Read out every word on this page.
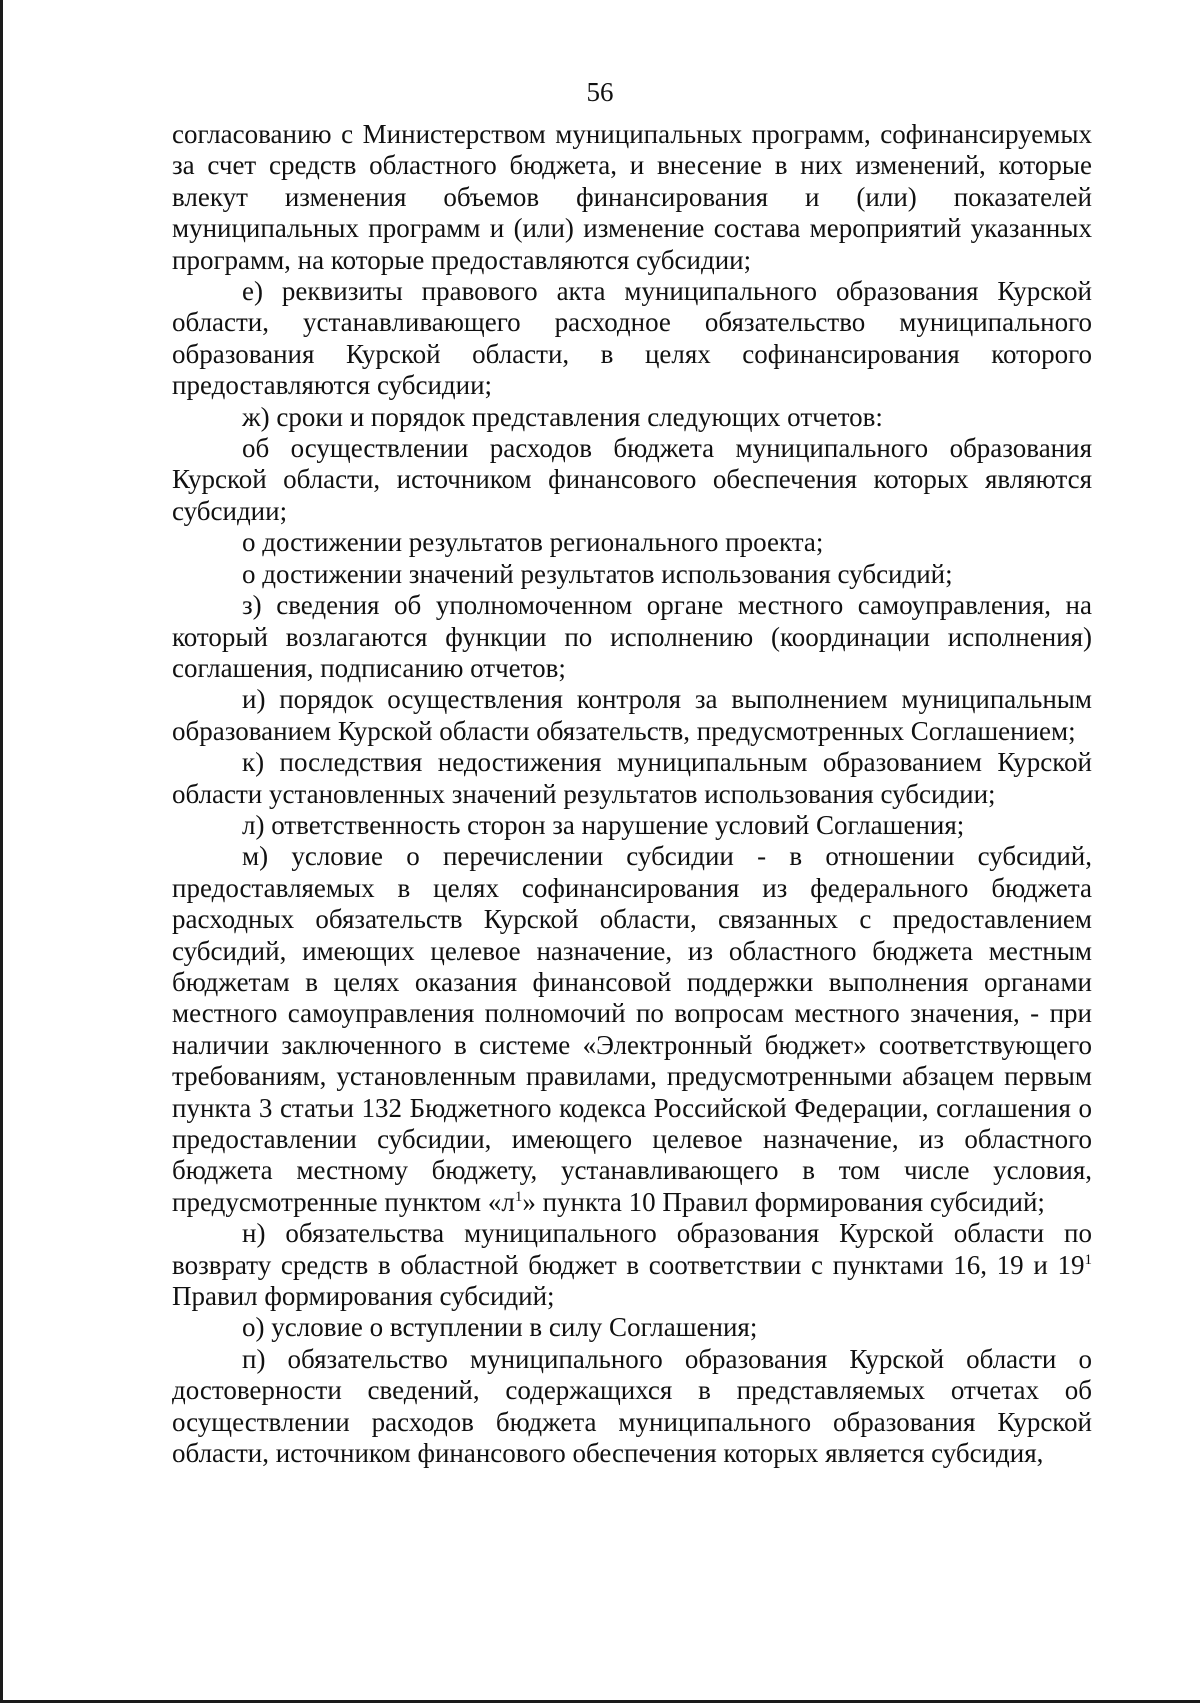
56

согласованию с Министерством муниципальных программ, софинансируемых за счет средств областного бюджета, и внесение в них изменений, которые влекут изменения объемов финансирования и (или) показателей муниципальных программ и (или) изменение состава мероприятий указанных программ, на которые предоставляются субсидии;

е) реквизиты правового акта муниципального образования Курской области, устанавливающего расходное обязательство муниципального образования Курской области, в целях софинансирования которого предоставляются субсидии;

ж) сроки и порядок представления следующих отчетов:

об осуществлении расходов бюджета муниципального образования Курской области, источником финансового обеспечения которых являются субсидии;

о достижении результатов регионального проекта;

о достижении значений результатов использования субсидий;

з) сведения об уполномоченном органе местного самоуправления, на который возлагаются функции по исполнению (координации исполнения) соглашения, подписанию отчетов;

и) порядок осуществления контроля за выполнением муниципальным образованием Курской области обязательств, предусмотренных Соглашением;

к) последствия недостижения муниципальным образованием Курской области установленных значений результатов использования субсидии;

л) ответственность сторон за нарушение условий Соглашения;

м) условие о перечислении субсидии - в отношении субсидий, предоставляемых в целях софинансирования из федерального бюджета расходных обязательств Курской области, связанных с предоставлением субсидий, имеющих целевое назначение, из областного бюджета местным бюджетам в целях оказания финансовой поддержки выполнения органами местного самоуправления полномочий по вопросам местного значения, - при наличии заключенного в системе «Электронный бюджет» соответствующего требованиям, установленным правилами, предусмотренными абзацем первым пункта 3 статьи 132 Бюджетного кодекса Российской Федерации, соглашения о предоставлении субсидии, имеющего целевое назначение, из областного бюджета местному бюджету, устанавливающего в том числе условия, предусмотренные пунктом «$л^1$» пункта 10 Правил формирования субсидий;

н) обязательства муниципального образования Курской области по возврату средств в областной бюджет в соответствии с пунктами 16, 19 и $19^1$ Правил формирования субсидий;

о) условие о вступлении в силу Соглашения;

п) обязательство муниципального образования Курской области о достоверности сведений, содержащихся в представляемых отчетах об осуществлении расходов бюджета муниципального образования Курской области, источником финансового обеспечения которых является субсидия,
